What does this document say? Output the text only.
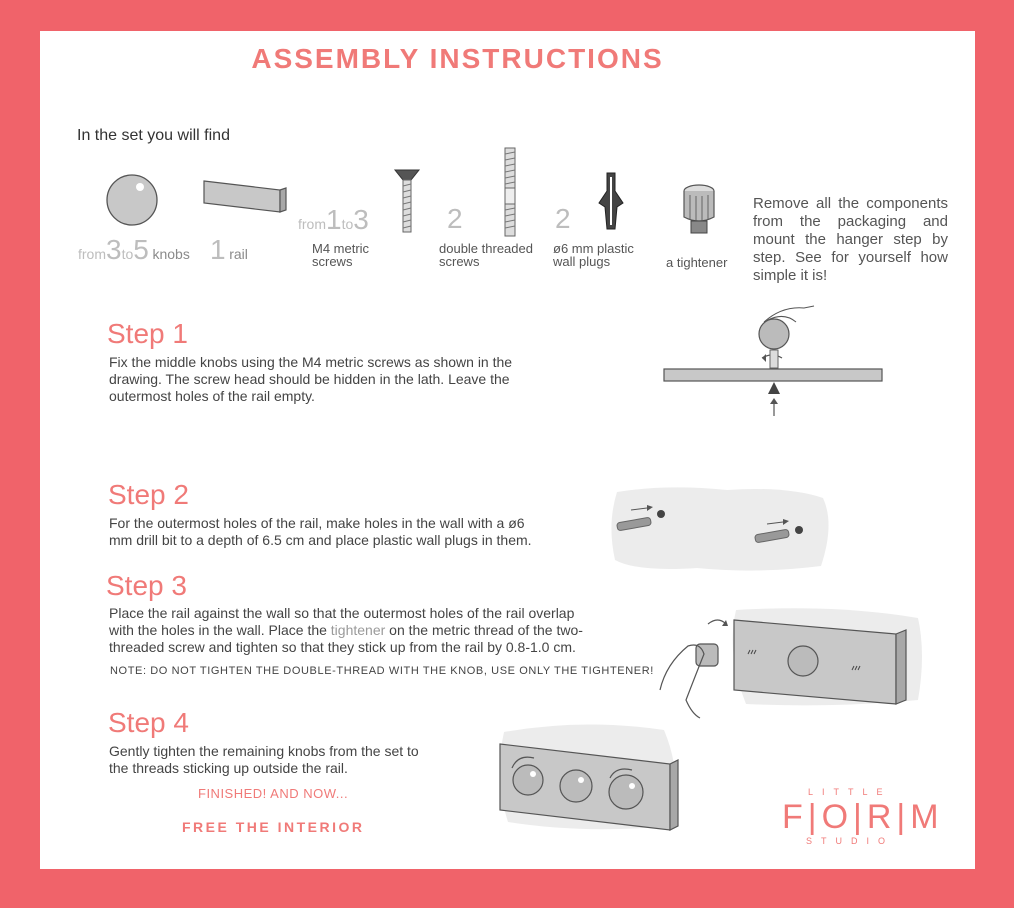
ASSEMBLY INSTRUCTIONS
In the set you will find
from3to5 knobs 1 rail
from1to3
M4 metric
screws
2
double threaded
screws
2
ø6 mm plastic
wall plugs	a tightener
Remove all the components from the packaging and mount the hanger step by step. See for yourself how simple it is!
Step 1
Fix the middle knobs using the M4 metric screws as shown in the
drawing. The screw head should be hidden in the lath. Leave the
outermost holes of the rail empty.
Step 2
For the outermost holes of the rail, make holes in the wall with a ø6
mm drill bit to a depth of 6.5 cm and place plastic wall plugs in them.
Step 3
Place the rail against the wall so that the outermost holes of the rail overlap
with the holes in the wall. Place the tightener on the metric thread of the two-
threaded screw and tighten so that they stick up from the rail by 0.8-1.0 cm.
NOTE: DO NOT TIGHTEN THE DOUBLE-THREAD WITH THE KNOB, USE ONLY THE TIGHTENER!
Step 4
Gently tighten the remaining knobs from the set to
the threads sticking up outside the rail.
FINISHED! AND NOW...
FREE THE INTERIOR
LITTLE
F|O|R|M
STUDIO
